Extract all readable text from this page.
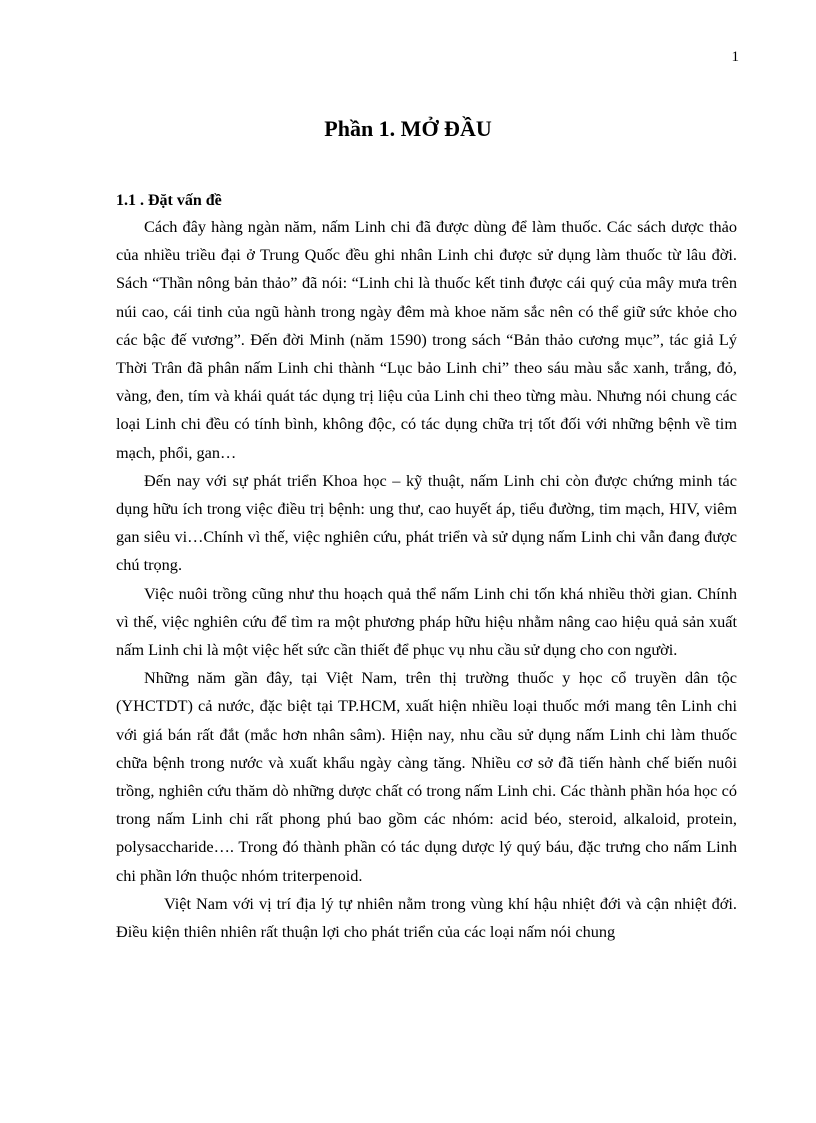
1
Phần 1. MỞ ĐẦU
1.1 . Đặt vấn đề

Cách đây hàng ngàn năm, nấm Linh chi đã được dùng để làm thuốc. Các sách dược thảo của nhiều triều đại ở Trung Quốc đều ghi nhân Linh chi được sử dụng làm thuốc từ lâu đời. Sách “Thần nông bản thảo” đã nói: “Linh chi là thuốc kết tinh được cái quý của mây mưa trên núi cao, cái tinh của ngũ hành trong ngày đêm mà khoe năm sắc nên có thể giữ sức khỏe cho các bậc đế vương”. Đến đời Minh (năm 1590) trong sách “Bản thảo cương mục”, tác giả Lý Thời Trân đã phân nấm Linh chi thành “Lục bảo Linh chi” theo sáu màu sắc xanh, trắng, đỏ, vàng, đen, tím và khái quát tác dụng trị liệu của Linh chi theo từng màu. Nhưng nói chung các loại Linh chi đều có tính bình, không độc, có tác dụng chữa trị tốt đối với những bệnh về tim mạch, phổi, gan…

Đến nay với sự phát triển Khoa học – kỹ thuật, nấm Linh chi còn được chứng minh tác dụng hữu ích trong việc điều trị bệnh: ung thư, cao huyết áp, tiểu đường, tim mạch, HIV, viêm gan siêu vi…Chính vì thế, việc nghiên cứu, phát triển và sử dụng nấm Linh chi vẫn đang được chú trọng.

Việc nuôi trồng cũng như thu hoạch quả thể nấm Linh chi tốn khá nhiều thời gian. Chính vì thế, việc nghiên cứu để tìm ra một phương pháp hữu hiệu nhằm nâng cao hiệu quả sản xuất nấm Linh chi là một việc hết sức cần thiết để phục vụ nhu cầu sử dụng cho con người.

Những năm gần đây, tại Việt Nam, trên thị trường thuốc y học cổ truyền dân tộc (YHCTDT) cả nước, đặc biệt tại TP.HCM, xuất hiện nhiều loại thuốc mới mang tên Linh chi với giá bán rất đắt (mắc hơn nhân sâm). Hiện nay, nhu cầu sử dụng nấm Linh chi làm thuốc chữa bệnh trong nước và xuất khẩu ngày càng tăng. Nhiều cơ sở đã tiến hành chế biến nuôi trồng, nghiên cứu thăm dò những dược chất có trong nấm Linh chi. Các thành phần hóa học có trong nấm Linh chi rất phong phú bao gồm các nhóm: acid béo, steroid, alkaloid, protein, polysaccharide…. Trong đó thành phần có tác dụng dược lý quý báu, đặc trưng cho nấm Linh chi phần lớn thuộc nhóm triterpenoid.

Việt Nam với vị trí địa lý tự nhiên nằm trong vùng khí hậu nhiệt đới và cận nhiệt đới. Điều kiện thiên nhiên rất thuận lợi cho phát triển của các loại nấm nói chung
